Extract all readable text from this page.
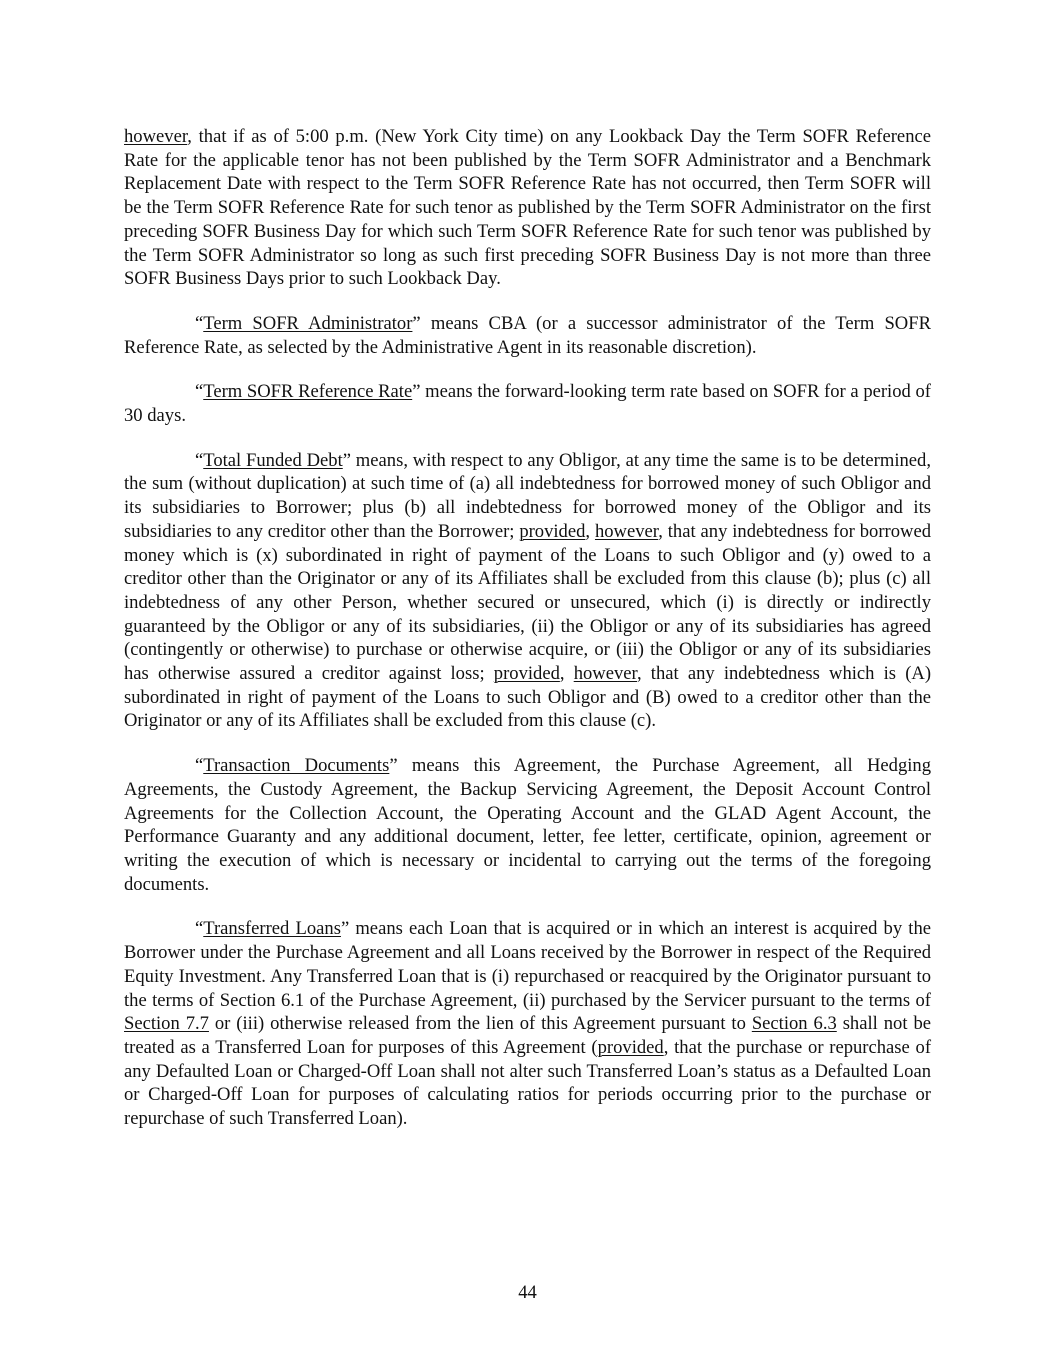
however, that if as of 5:00 p.m. (New York City time) on any Lookback Day the Term SOFR Reference Rate for the applicable tenor has not been published by the Term SOFR Administrator and a Benchmark Replacement Date with respect to the Term SOFR Reference Rate has not occurred, then Term SOFR will be the Term SOFR Reference Rate for such tenor as published by the Term SOFR Administrator on the first preceding SOFR Business Day for which such Term SOFR Reference Rate for such tenor was published by the Term SOFR Administrator so long as such first preceding SOFR Business Day is not more than three SOFR Business Days prior to such Lookback Day.

“Term SOFR Administrator” means CBA (or a successor administrator of the Term SOFR Reference Rate, as selected by the Administrative Agent in its reasonable discretion).

“Term SOFR Reference Rate” means the forward-looking term rate based on SOFR for a period of 30 days.

“Total Funded Debt” means, with respect to any Obligor, at any time the same is to be determined, the sum (without duplication) at such time of (a) all indebtedness for borrowed money of such Obligor and its subsidiaries to Borrower; plus (b) all indebtedness for borrowed money of the Obligor and its subsidiaries to any creditor other than the Borrower; provided, however, that any indebtedness for borrowed money which is (x) subordinated in right of payment of the Loans to such Obligor and (y) owed to a creditor other than the Originator or any of its Affiliates shall be excluded from this clause (b); plus (c) all indebtedness of any other Person, whether secured or unsecured, which (i) is directly or indirectly guaranteed by the Obligor or any of its subsidiaries, (ii) the Obligor or any of its subsidiaries has agreed (contingently or otherwise) to purchase or otherwise acquire, or (iii) the Obligor or any of its subsidiaries has otherwise assured a creditor against loss; provided, however, that any indebtedness which is (A) subordinated in right of payment of the Loans to such Obligor and (B) owed to a creditor other than the Originator or any of its Affiliates shall be excluded from this clause (c).

“Transaction Documents” means this Agreement, the Purchase Agreement, all Hedging Agreements, the Custody Agreement, the Backup Servicing Agreement, the Deposit Account Control Agreements for the Collection Account, the Operating Account and the GLAD Agent Account, the Performance Guaranty and any additional document, letter, fee letter, certificate, opinion, agreement or writing the execution of which is necessary or incidental to carrying out the terms of the foregoing documents.

“Transferred Loans” means each Loan that is acquired or in which an interest is acquired by the Borrower under the Purchase Agreement and all Loans received by the Borrower in respect of the Required Equity Investment. Any Transferred Loan that is (i) repurchased or reacquired by the Originator pursuant to the terms of Section 6.1 of the Purchase Agreement, (ii) purchased by the Servicer pursuant to the terms of Section 7.7 or (iii) otherwise released from the lien of this Agreement pursuant to Section 6.3 shall not be treated as a Transferred Loan for purposes of this Agreement (provided, that the purchase or repurchase of any Defaulted Loan or Charged-Off Loan shall not alter such Transferred Loan’s status as a Defaulted Loan or Charged-Off Loan for purposes of calculating ratios for periods occurring prior to the purchase or repurchase of such Transferred Loan).

44
